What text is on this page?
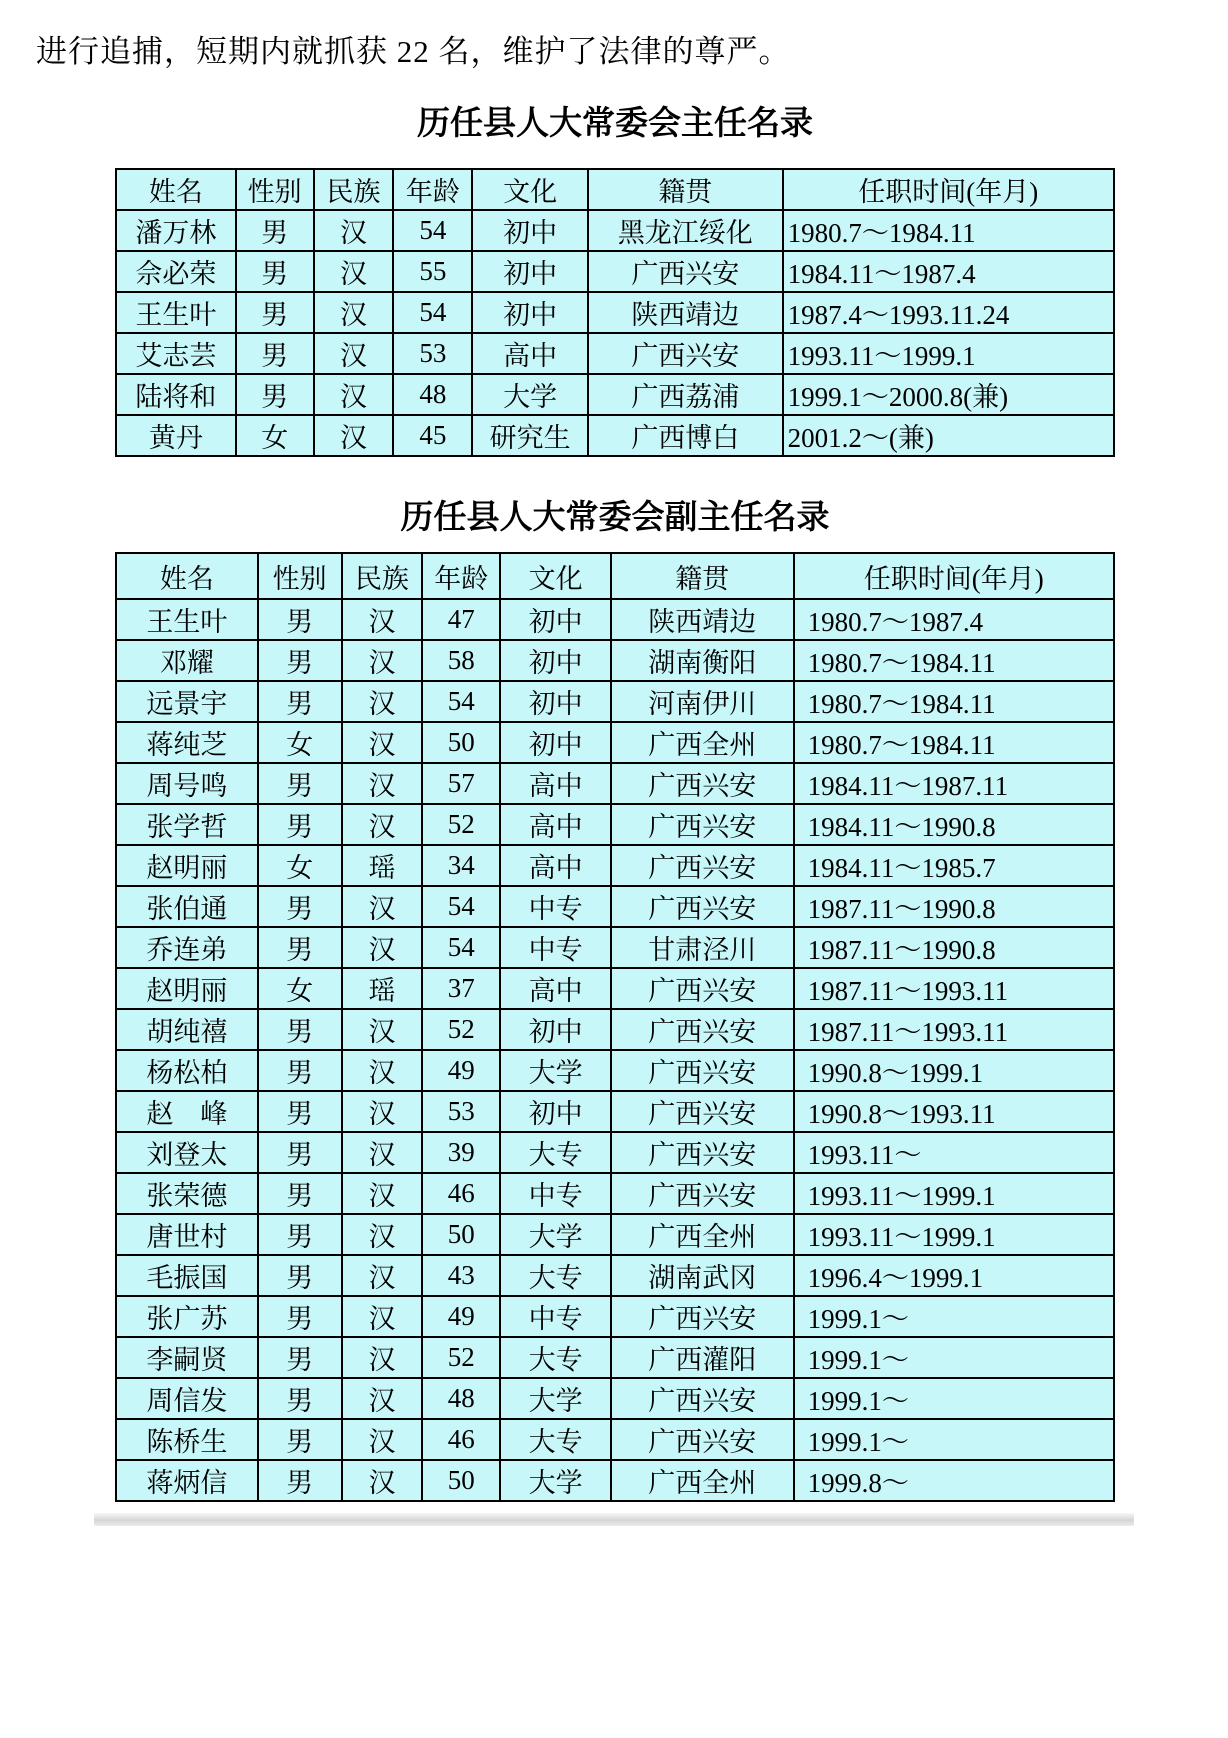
进行追捕，短期内就抓获 22 名，维护了法律的尊严。

历任县人大常委会主任名录
姓名	性别	民族	年龄	文化	籍贯	任职时间(年月)
潘万林	男	汉	54	初中	黑龙江绥化	1980.7～1984.11
佘必荣	男	汉	55	初中	广西兴安	1984.11～1987.4
王生叶	男	汉	54	初中	陕西靖边	1987.4～1993.11.24
艾志芸	男	汉	53	高中	广西兴安	1993.11～1999.1
陆将和	男	汉	48	大学	广西荔浦	1999.1～2000.8(兼)
黄丹	女	汉	45	研究生	广西博白	2001.2～(兼)
历任县人大常委会副主任名录
姓名	性别	民族	年龄	文化	籍贯	任职时间(年月)
王生叶	男	汉	47	初中	陕西靖边	1980.7～1987.4
邓耀	男	汉	58	初中	湖南衡阳	1980.7～1984.11
远景宇	男	汉	54	初中	河南伊川	1980.7～1984.11
蒋纯芝	女	汉	50	初中	广西全州	1980.7～1984.11
周号鸣	男	汉	57	高中	广西兴安	1984.11～1987.11
张学哲	男	汉	52	高中	广西兴安	1984.11～1990.8
赵明丽	女	瑶	34	高中	广西兴安	1984.11～1985.7
张伯通	男	汉	54	中专	广西兴安	1987.11～1990.8
乔连弟	男	汉	54	中专	甘肃泾川	1987.11～1990.8
赵明丽	女	瑶	37	高中	广西兴安	1987.11～1993.11
胡纯禧	男	汉	52	初中	广西兴安	1987.11～1993.11
杨松柏	男	汉	49	大学	广西兴安	1990.8～1999.1
赵　峰	男	汉	53	初中	广西兴安	1990.8～1993.11
刘登太	男	汉	39	大专	广西兴安	1993.11～
张荣德	男	汉	46	中专	广西兴安	1993.11～1999.1
唐世村	男	汉	50	大学	广西全州	1993.11～1999.1
毛振国	男	汉	43	大专	湖南武冈	1996.4～1999.1
张广苏	男	汉	49	中专	广西兴安	1999.1～
李嗣贤	男	汉	52	大专	广西灌阳	1999.1～
周信发	男	汉	48	大学	广西兴安	1999.1～
陈桥生	男	汉	46	大专	广西兴安	1999.1～
蒋炳信	男	汉	50	大学	广西全州	1999.8～
